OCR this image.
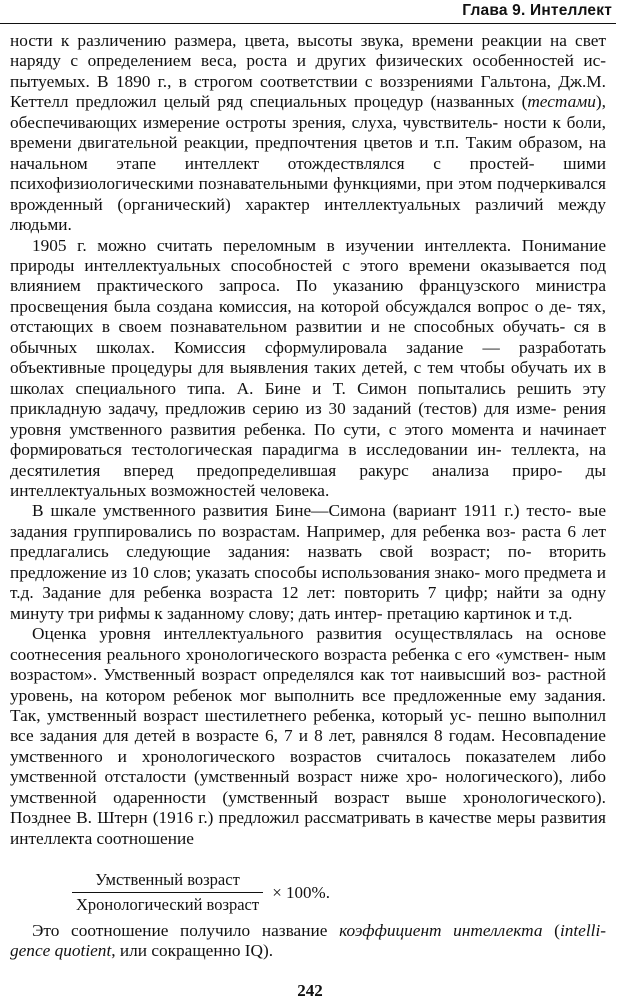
Глава 9. Интеллект

ности к различению размера, цвета, высоты звука, времени реакции на свет наряду с определением веса, роста и других физических особенностей ис- пытуемых. В 1890 г., в строгом соответствии с воззрениями Гальтона, Дж.М. Кеттелл предложил целый ряд специальных процедур (названных (тестами), обеспечивающих измерение остроты зрения, слуха, чувствитель- ности к боли, времени двигательной реакции, предпочтения цветов и т.п. Таким образом, на начальном этапе интеллект отождествлялся с простей- шими психофизиологическими познавательными функциями, при этом подчеркивался врожденный (органический) характер интеллектуальных различий между людьми.

1905 г. можно считать переломным в изучении интеллекта. Понимание природы интеллектуальных способностей с этого времени оказывается под влиянием практического запроса. По указанию французского министра просвещения была создана комиссия, на которой обсуждался вопрос о де- тях, отстающих в своем познавательном развитии и не способных обучать- ся в обычных школах. Комиссия сформулировала задание — разработать объективные процедуры для выявления таких детей, с тем чтобы обучать их в школах специального типа. А. Бине и Т. Симон попытались решить эту прикладную задачу, предложив серию из 30 заданий (тестов) для изме- рения уровня умственного развития ребенка. По сути, с этого момента и начинает формироваться тестологическая парадигма в исследовании ин- теллекта, на десятилетия вперед предопределившая ракурс анализа приро- ды интеллектуальных возможностей человека.

В шкале умственного развития Бине—Симона (вариант 1911 г.) тесто- вые задания группировались по возрастам. Например, для ребенка воз- раста 6 лет предлагались следующие задания: назвать свой возраст; по- вторить предложение из 10 слов; указать способы использования знако- мого предмета и т.д. Задание для ребенка возраста 12 лет: повторить 7 цифр; найти за одну минуту три рифмы к заданному слову; дать интер- претацию картинок и т.д.

Оценка уровня интеллектуального развития осуществлялась на основе соотнесения реального хронологического возраста ребенка с его «умствен- ным возрастом». Умственный возраст определялся как тот наивысший воз- растной уровень, на котором ребенок мог выполнить все предложенные ему задания. Так, умственный возраст шестилетнего ребенка, который ус- пешно выполнил все задания для детей в возрасте 6, 7 и 8 лет, равнялся 8 годам. Несовпадение умственного и хронологического возрастов считалось показателем либо умственной отсталости (умственный возраст ниже хро- нологического), либо умственной одаренности (умственный возраст выше хронологического). Позднее В. Штерн (1916 г.) предложил рассматривать в качестве меры развития интеллекта соотношение

$\frac{\text{Умственный возраст}}{\text{Хронологический возраст}} \times 100\%$.

Это соотношение получило название коэффициент интеллекта (intelli- gence quotient, или сокращенно IQ).

242
